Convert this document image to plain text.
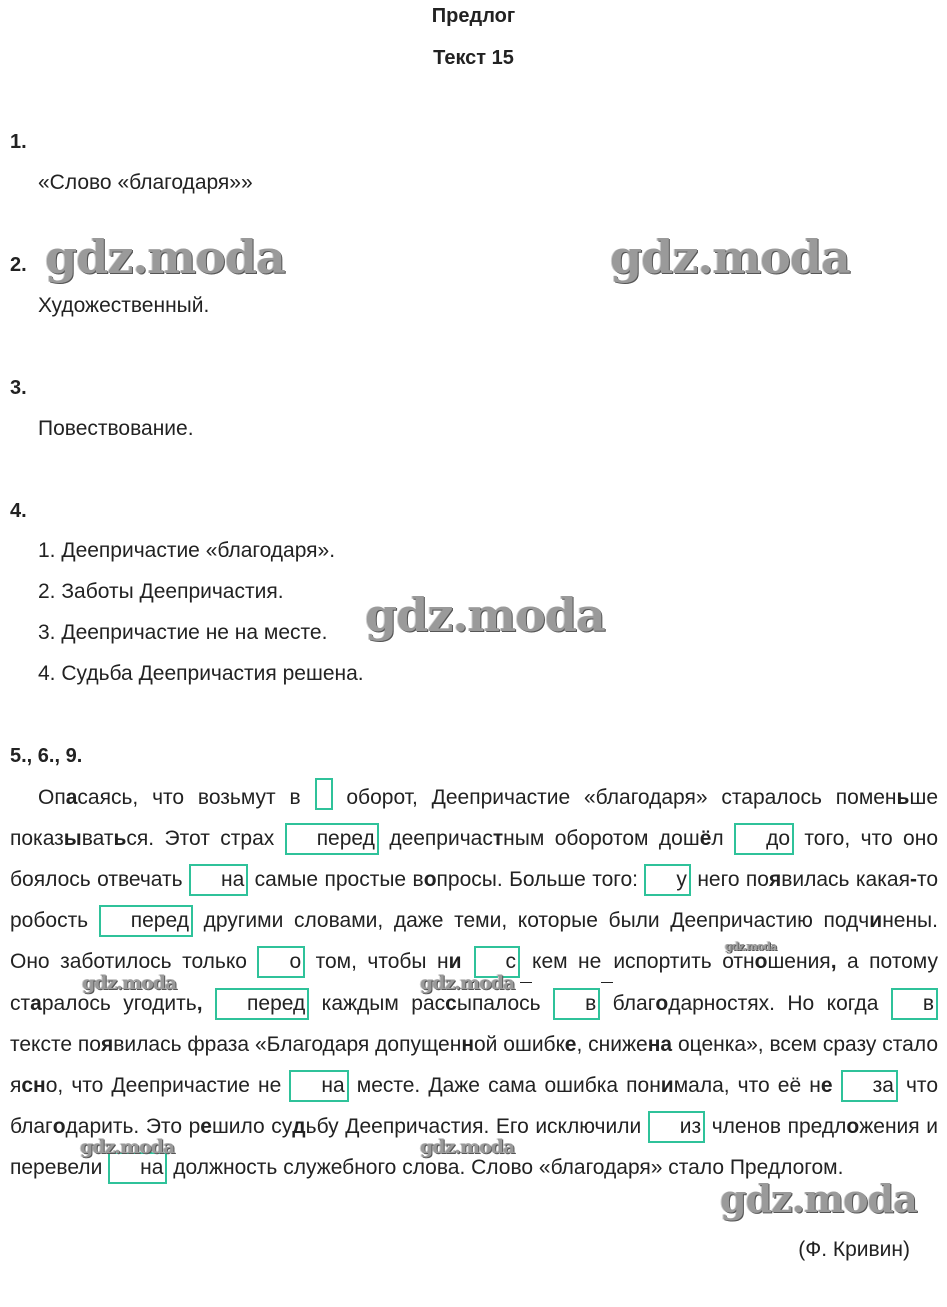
Предлог
Текст 15
1.
«Слово «благодаря»»
2.
Художественный.
3.
Повествование.
4.
1. Деепричастие «благодаря».
2. Заботы Деепричастия.
3. Деепричастие не на месте.
4. Судьба Деепричастия решена.
5., 6., 9.

Опасаясь, что возьмут в  оборот, Деепричастие «благодаря» старалось поменьше показываться. Этот страх перед деепричастным оборотом дошёл до того, что оно боялось отвечать на самые простые вопросы. Больше того: у него появилась какая-то робость перед другими словами, даже теми, которые были Деепричастию подчинены. Оно заботилось только о том, чтобы ни с кем не испортить отношения, а потому старалось угодить, перед каждым рассыпалось в благодарностях. Но когда в тексте появилась фраза «Благодаря допущенной ошибке, снижена оценка», всем сразу стало ясно, что Деепричастие не на месте. Даже сама ошибка понимала, что её не за что благодарить. Это решило судьбу Деепричастия. Его исключили из членов предложения и перевели на должность служебного слова. Слово «благодаря» стало Предлогом.

(Ф. Кривин)
gdz.moda	gdz.moda
gdz.moda
gdz.moda
gdz.moda	gdz.moda
gdz.moda	gdz.moda
gdz.moda
